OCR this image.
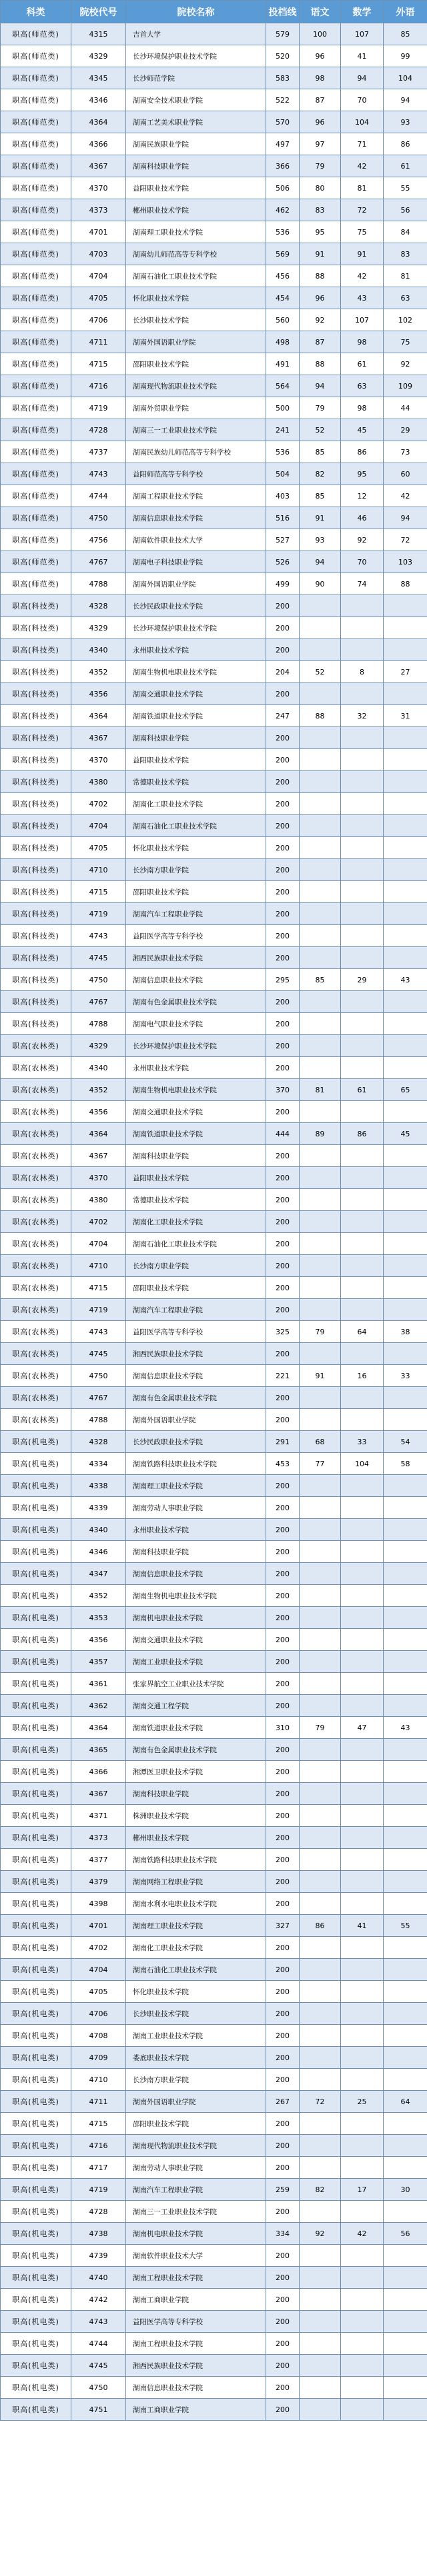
科类	院校代号	院校名称	投档线	语文	数学	外语
职高(师范类)	4315	吉首大学	579	100	107	85
职高(师范类)	4329	长沙环境保护职业技术学院	520	96	41	99
职高(师范类)	4345	长沙师范学院	583	98	94	104
职高(师范类)	4346	湖南安全技术职业学院	522	87	70	94
职高(师范类)	4364	湖南工艺美术职业学院	570	96	104	93
职高(师范类)	4366	湖南民族职业学院	497	97	71	86
职高(师范类)	4367	湖南科技职业学院	366	79	42	61
职高(师范类)	4370	益阳职业技术学院	506	80	81	55
职高(师范类)	4373	郴州职业技术学院	462	83	72	56
职高(师范类)	4701	湖南理工职业技术学院	536	95	75	84
职高(师范类)	4703	湖南幼儿师范高等专科学校	569	91	91	83
职高(师范类)	4704	湖南石油化工职业技术学院	456	88	42	81
职高(师范类)	4705	怀化职业技术学院	454	96	43	63
职高(师范类)	4706	长沙职业技术学院	560	92	107	102
职高(师范类)	4711	湖南外国语职业学院	498	87	98	75
职高(师范类)	4715	邵阳职业技术学院	491	88	61	92
职高(师范类)	4716	湖南现代物流职业技术学院	564	94	63	109
职高(师范类)	4719	湖南外贸职业学院	500	79	98	44
职高(师范类)	4728	湖南三一工业职业技术学院	241	52	45	29
职高(师范类)	4737	湖南民族幼儿师范高等专科学校	536	85	86	73
职高(师范类)	4743	益阳师范高等专科学校	504	82	95	60
职高(师范类)	4744	湖南工程职业技术学院	403	85	12	42
职高(师范类)	4750	湖南信息职业技术学院	516	91	46	94
职高(师范类)	4756	湖南软件职业技术大学	527	93	92	72
职高(师范类)	4767	湖南电子科技职业学院	526	94	70	103
职高(师范类)	4788	湖南外国语职业学院	499	90	74	88
职高(科技类)	4328	长沙民政职业技术学院	200			
职高(科技类)	4329	长沙环境保护职业技术学院	200			
职高(科技类)	4340	永州职业技术学院	200			
职高(科技类)	4352	湖南生物机电职业技术学院	204	52	8	27
职高(科技类)	4356	湖南交通职业技术学院	200			
职高(科技类)	4364	湖南铁道职业技术学院	247	88	32	31
职高(科技类)	4367	湖南科技职业学院	200			
职高(科技类)	4370	益阳职业技术学院	200			
职高(科技类)	4380	常德职业技术学院	200			
职高(科技类)	4702	湖南化工职业技术学院	200			
职高(科技类)	4704	湖南石油化工职业技术学院	200			
职高(科技类)	4705	怀化职业技术学院	200			
职高(科技类)	4710	长沙南方职业学院	200			
职高(科技类)	4715	邵阳职业技术学院	200			
职高(科技类)	4719	湖南汽车工程职业学院	200			
职高(科技类)	4743	益阳医学高等专科学校	200			
职高(科技类)	4745	湘西民族职业技术学院	200			
职高(科技类)	4750	湖南信息职业技术学院	295	85	29	43
职高(科技类)	4767	湖南有色金属职业技术学院	200			
职高(科技类)	4788	湖南电气职业技术学院	200			
职高(农林类)	4329	长沙环境保护职业技术学院	200			
职高(农林类)	4340	永州职业技术学院	200			
职高(农林类)	4352	湖南生物机电职业技术学院	370	81	61	65
职高(农林类)	4356	湖南交通职业技术学院	200			
职高(农林类)	4364	湖南铁道职业技术学院	444	89	86	45
职高(农林类)	4367	湖南科技职业学院	200			
职高(农林类)	4370	益阳职业技术学院	200			
职高(农林类)	4380	常德职业技术学院	200			
职高(农林类)	4702	湖南化工职业技术学院	200			
职高(农林类)	4704	湖南石油化工职业技术学院	200			
职高(农林类)	4710	长沙南方职业学院	200			
职高(农林类)	4715	邵阳职业技术学院	200			
职高(农林类)	4719	湖南汽车工程职业学院	200			
职高(农林类)	4743	益阳医学高等专科学校	325	79	64	38
职高(农林类)	4745	湘西民族职业技术学院	200			
职高(农林类)	4750	湖南信息职业技术学院	221	91	16	33
职高(农林类)	4767	湖南有色金属职业技术学院	200			
职高(农林类)	4788	湖南外国语职业学院	200			
职高(机电类)	4328	长沙民政职业技术学院	291	68	33	54
职高(机电类)	4334	湖南铁路科技职业技术学院	453	77	104	58
职高(机电类)	4338	湖南理工职业技术学院	200			
职高(机电类)	4339	湖南劳动人事职业学院	200			
职高(机电类)	4340	永州职业技术学院	200			
职高(机电类)	4346	湖南科技职业学院	200			
职高(机电类)	4347	湖南信息职业技术学院	200			
职高(机电类)	4352	湖南生物机电职业技术学院	200			
职高(机电类)	4353	湖南机电职业技术学院	200			
职高(机电类)	4356	湖南交通职业技术学院	200			
职高(机电类)	4357	湖南工业职业技术学院	200			
职高(机电类)	4361	张家界航空工业职业技术学院	200			
职高(机电类)	4362	湖南交通工程学院	200			
职高(机电类)	4364	湖南铁道职业技术学院	310	79	47	43
职高(机电类)	4365	湖南有色金属职业技术学院	200			
职高(机电类)	4366	湘潭医卫职业技术学院	200			
职高(机电类)	4367	湖南科技职业学院	200			
职高(机电类)	4371	株洲职业技术学院	200			
职高(机电类)	4373	郴州职业技术学院	200			
职高(机电类)	4377	湖南铁路科技职业技术学院	200			
职高(机电类)	4379	湖南网络工程职业学院	200			
职高(机电类)	4398	湖南水利水电职业技术学院	200			
职高(机电类)	4701	湖南理工职业技术学院	327	86	41	55
职高(机电类)	4702	湖南化工职业技术学院	200			
职高(机电类)	4704	湖南石油化工职业技术学院	200			
职高(机电类)	4705	怀化职业技术学院	200			
职高(机电类)	4706	长沙职业技术学院	200			
职高(机电类)	4708	湖南工业职业技术学院	200			
职高(机电类)	4709	娄底职业技术学院	200			
职高(机电类)	4710	长沙南方职业学院	200			
职高(机电类)	4711	湖南外国语职业学院	267	72	25	64
职高(机电类)	4715	邵阳职业技术学院	200			
职高(机电类)	4716	湖南现代物流职业技术学院	200			
职高(机电类)	4717	湖南劳动人事职业学院	200			
职高(机电类)	4719	湖南汽车工程职业学院	259	82	17	30
职高(机电类)	4728	湖南三一工业职业技术学院	200			
职高(机电类)	4738	湖南机电职业技术学院	334	92	42	56
职高(机电类)	4739	湖南软件职业技术大学	200			
职高(机电类)	4740	湖南工程职业技术学院	200			
职高(机电类)	4742	湖南工商职业学院	200			
职高(机电类)	4743	益阳医学高等专科学校	200			
职高(机电类)	4744	湖南工程职业技术学院	200			
职高(机电类)	4745	湘西民族职业技术学院	200			
职高(机电类)	4750	湖南信息职业技术学院	200			
职高(机电类)	4751	湖南工商职业学院	200			
